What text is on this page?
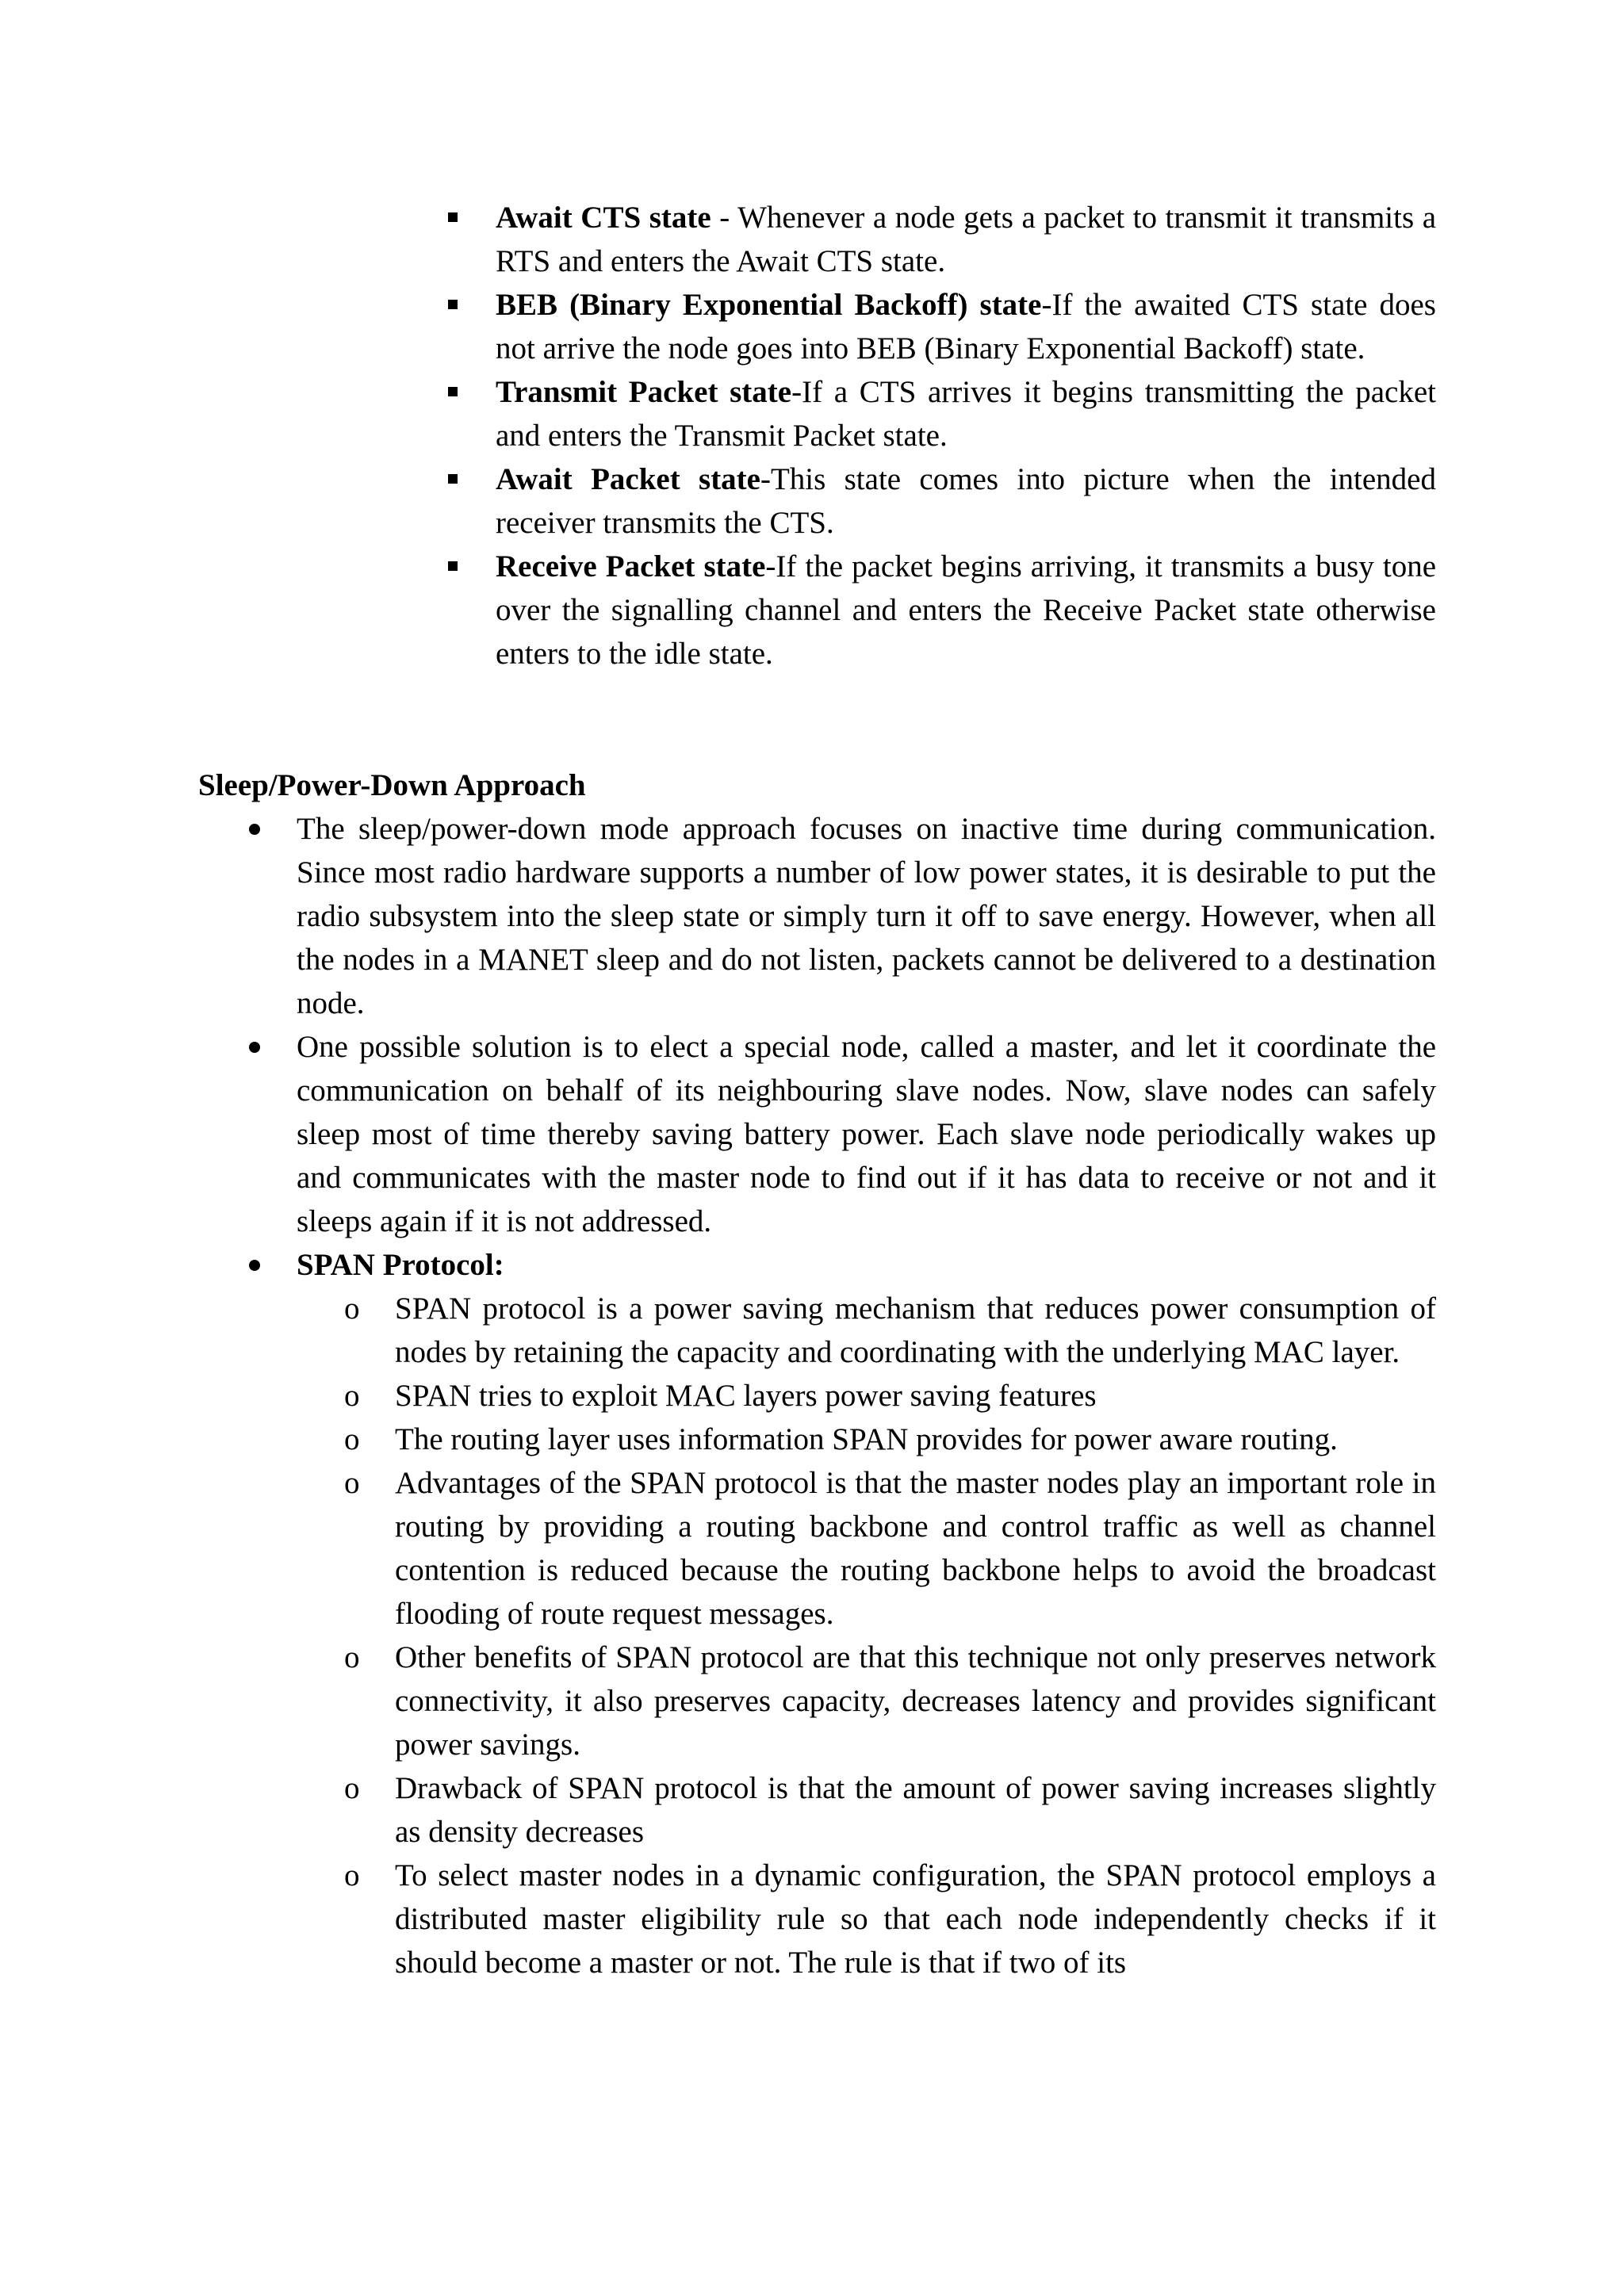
Await CTS state - Whenever a node gets a packet to transmit it transmits a RTS and enters the Await CTS state.
BEB (Binary Exponential Backoff) state-If the awaited CTS state does not arrive the node goes into BEB (Binary Exponential Backoff) state.
Transmit Packet state-If a CTS arrives it begins transmitting the packet and enters the Transmit Packet state.
Await Packet state-This state comes into picture when the intended receiver transmits the CTS.
Receive Packet state-If the packet begins arriving, it transmits a busy tone over the signalling channel and enters the Receive Packet state otherwise enters to the idle state.
Sleep/Power-Down Approach
The sleep/power-down mode approach focuses on inactive time during communication. Since most radio hardware supports a number of low power states, it is desirable to put the radio subsystem into the sleep state or simply turn it off to save energy. However, when all the nodes in a MANET sleep and do not listen, packets cannot be delivered to a destination node.
One possible solution is to elect a special node, called a master, and let it coordinate the communication on behalf of its neighbouring slave nodes. Now, slave nodes can safely sleep most of time thereby saving battery power. Each slave node periodically wakes up and communicates with the master node to find out if it has data to receive or not and it sleeps again if it is not addressed.
SPAN Protocol:
o SPAN protocol is a power saving mechanism that reduces power consumption of nodes by retaining the capacity and coordinating with the underlying MAC layer.
o SPAN tries to exploit MAC layers power saving features
o The routing layer uses information SPAN provides for power aware routing.
o Advantages of the SPAN protocol is that the master nodes play an important role in routing by providing a routing backbone and control traffic as well as channel contention is reduced because the routing backbone helps to avoid the broadcast flooding of route request messages.
o Other benefits of SPAN protocol are that this technique not only preserves network connectivity, it also preserves capacity, decreases latency and provides significant power savings.
o Drawback of SPAN protocol is that the amount of power saving increases slightly as density decreases
o To select master nodes in a dynamic configuration, the SPAN protocol employs a distributed master eligibility rule so that each node independently checks if it should become a master or not. The rule is that if two of its
